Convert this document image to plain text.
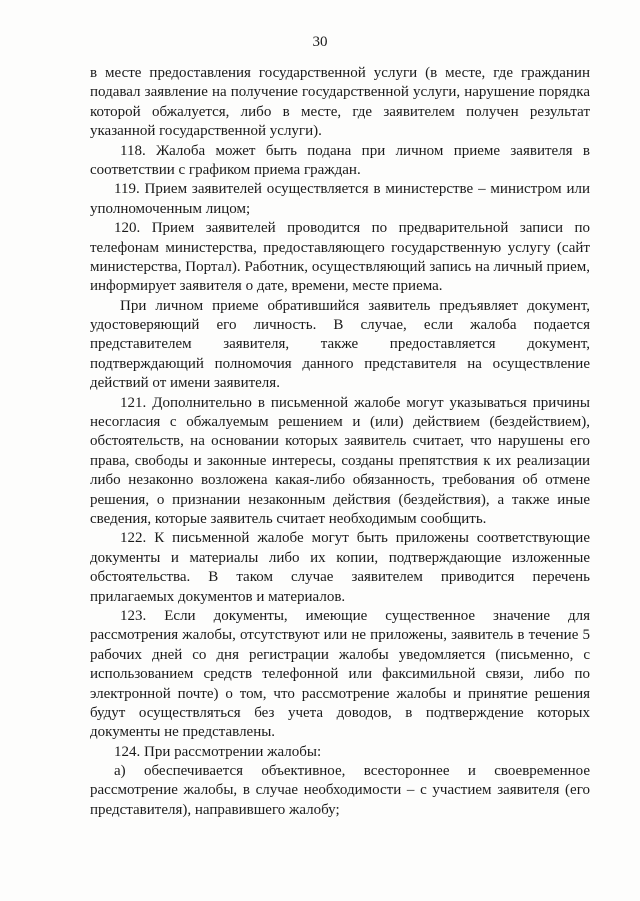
30

в месте предоставления государственной услуги (в месте, где гражданин
подавал заявление на получение государственной услуги, нарушение порядка
которой обжалуется, либо в месте, где заявителем получен результат
указанной государственной услуги).

118. Жалоба может быть подана при личном приеме заявителя в
соответствии с графиком приема граждан.

119. Прием заявителей осуществляется в министерстве – министром или
уполномоченным лицом;

120. Прием заявителей проводится по предварительной записи по
телефонам министерства, предоставляющего государственную услугу (сайт
министерства, Портал). Работник, осуществляющий запись на личный прием,
информирует заявителя о дате, времени, месте приема.

При личном приеме обратившийся заявитель предъявляет документ,
удостоверяющий его личность. В случае, если жалоба подается
представителем заявителя, также предоставляется документ,
подтверждающий полномочия данного представителя на осуществление
действий от имени заявителя.

121. Дополнительно в письменной жалобе могут указываться причины
несогласия с обжалуемым решением и (или) действием (бездействием),
обстоятельств, на основании которых заявитель считает, что нарушены его
права, свободы и законные интересы, созданы препятствия к их реализации
либо незаконно возложена какая-либо обязанность, требования об отмене
решения, о признании незаконным действия (бездействия), а также иные
сведения, которые заявитель считает необходимым сообщить.

122. К письменной жалобе могут быть приложены соответствующие
документы и материалы либо их копии, подтверждающие изложенные
обстоятельства. В таком случае заявителем приводится перечень
прилагаемых документов и материалов.

123. Если документы, имеющие существенное значение для
рассмотрения жалобы, отсутствуют или не приложены, заявитель в течение 5
рабочих дней со дня регистрации жалобы уведомляется (письменно, с
использованием средств телефонной или факсимильной связи, либо по
электронной почте) о том, что рассмотрение жалобы и принятие решения
будут осуществляться без учета доводов, в подтверждение которых
документы не представлены.

124. При рассмотрении жалобы:

а) обеспечивается объективное, всестороннее и своевременное
рассмотрение жалобы, в случае необходимости – с участием заявителя (его
представителя), направившего жалобу;
